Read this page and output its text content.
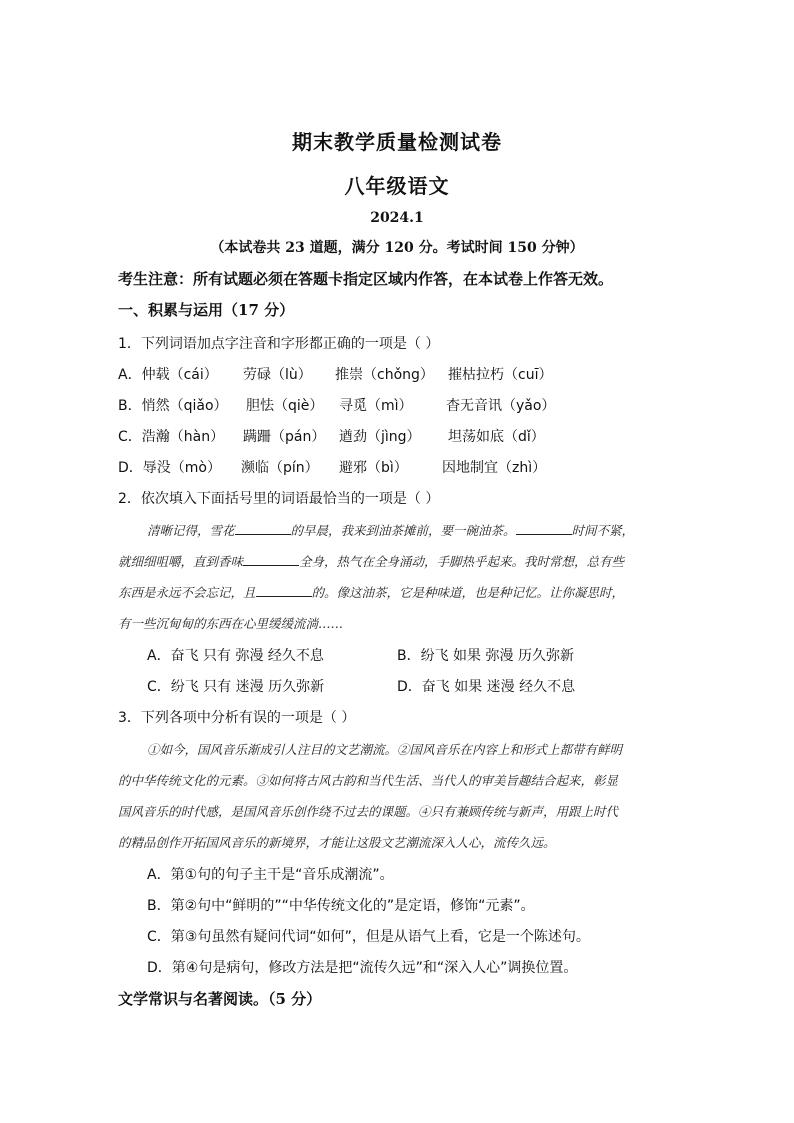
期末教学质量检测试卷
八年级语文
2024.1
（本试卷共 23 道题，满分 120 分。考试时间 150 分钟）
考生注意：所有试题必须在答题卡指定区域内作答，在本试卷上作答无效。
一、积累与运用（17 分）
1．下列词语加点字注音和字形都正确的一项是（ ）
A．仲载（cái） 劳碌（lù） 推崇（chǒng） 摧枯拉朽（cuī）
B．悄然（qiǎo） 胆怯（qiè） 寻觅（mì） 杳无音讯（yǎo）
C．浩瀚（hàn） 蹒跚（pán） 遒劲（jìng） 坦荡如底（dǐ）
D．辱没（mò） 濒临（pín） 避邪（bì） 因地制宜（zhì）
2．依次填入下面括号里的词语最恰当的一项是（ ）
清晰记得，雪花	的早晨，我来到油茶摊前，要一碗油茶。	时间不紧，
就细细咀嚼，直到香味	全身，热气在全身涌动，手脚热乎起来。我时常想，总有些
东西是永远不会忘记，且	的。像这油茶，它是种味道，也是种记忆。让你凝思时，
有一些沉甸甸的东西在心里缓缓流淌……
A．奋飞 只有 弥漫 经久不息	B．纷飞 如果 弥漫 历久弥新
C．纷飞 只有 迷漫 历久弥新	D．奋飞 如果 迷漫 经久不息
3．下列各项中分析有误的一项是（ ）
①如今，国风音乐渐成引人注目的文艺潮流。②国风音乐在内容上和形式上都带有鲜明
的中华传统文化的元素。③如何将古风古韵和当代生活、当代人的审美旨趣结合起来，彰显
国风音乐的时代感，是国风音乐创作绕不过去的课题。④只有兼顾传统与新声，用跟上时代
的精品创作开拓国风音乐的新境界，才能让这股文艺潮流深入人心，流传久远。
A．第①句的句子主干是“音乐成潮流”。
B．第②句中“鲜明的”“中华传统文化的”是定语，修饰“元素”。
C．第③句虽然有疑问代词“如何”，但是从语气上看，它是一个陈述句。
D．第④句是病句，修改方法是把“流传久远”和“深入人心”调换位置。
文学常识与名著阅读。（5 分）
